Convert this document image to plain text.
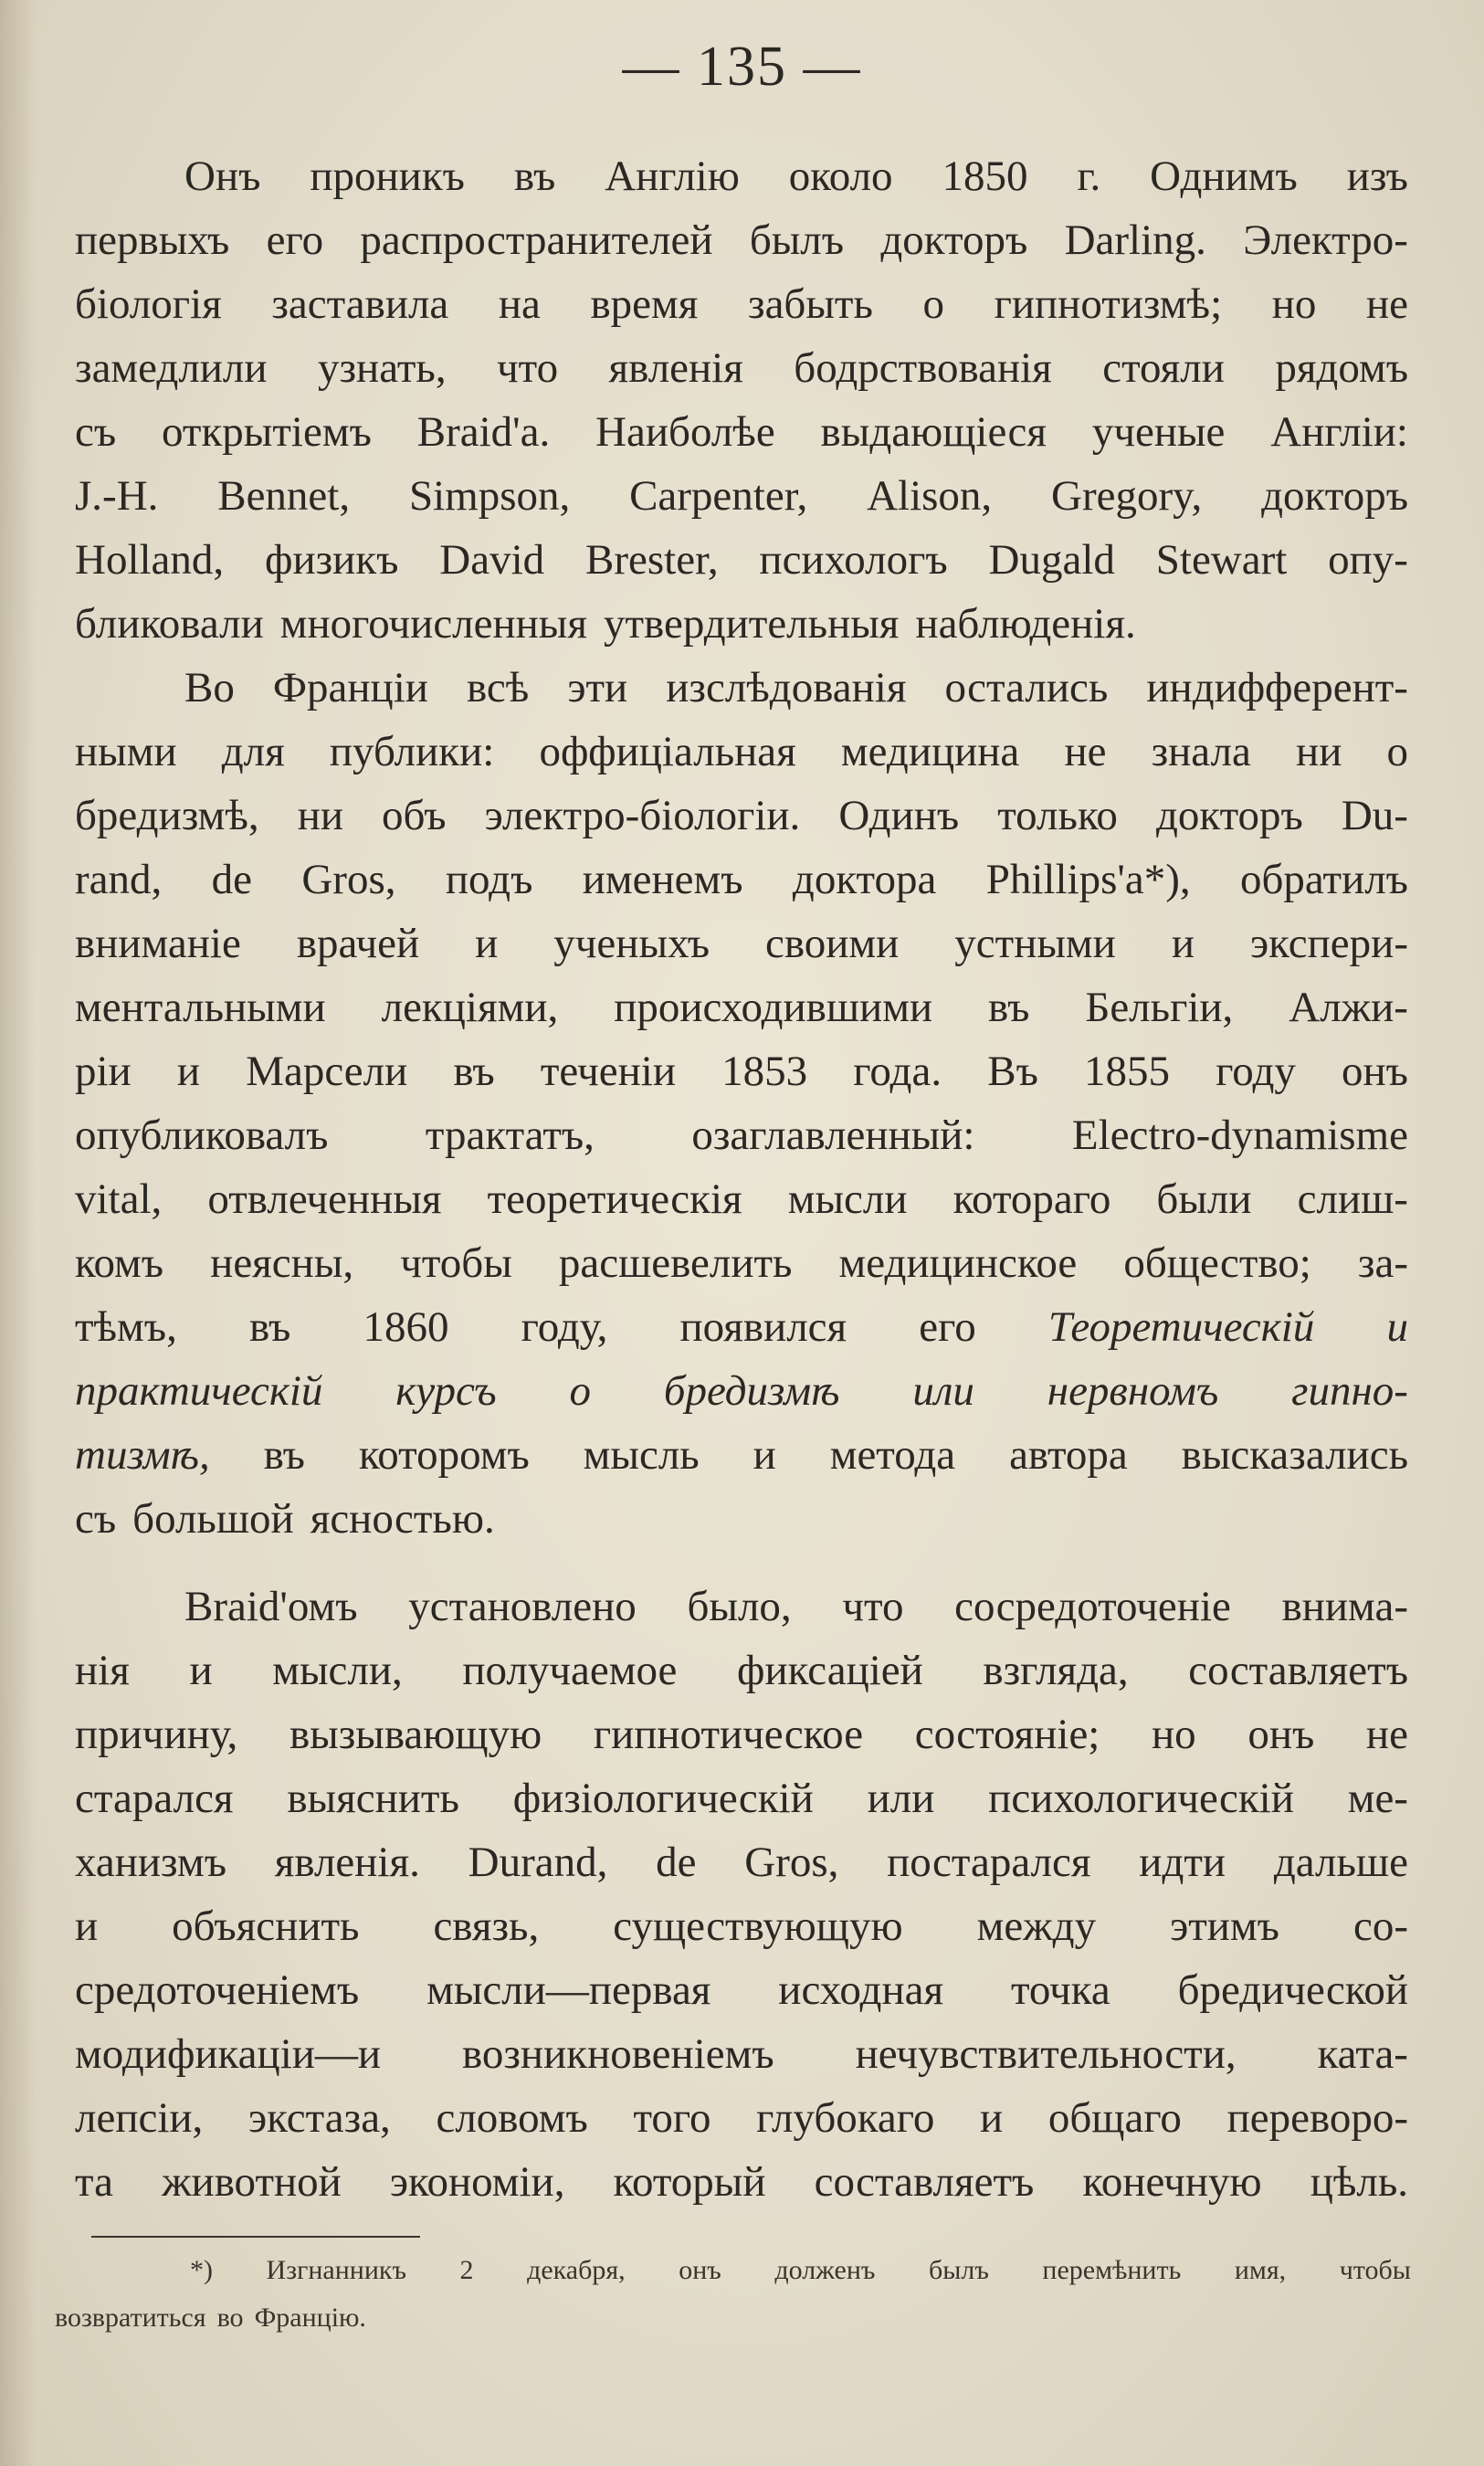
— 135 —
Онъ проникъ въ Англію около 1850 г. Однимъ изъ
первыхъ его распространителей былъ докторъ Darling. Электро-
біологія заставила на время забыть о гипнотизмѣ; но не
замедлили узнать, что явленія бодрствованія стояли рядомъ
съ открытіемъ Braid'a. Наиболѣе выдающіеся ученые Англіи:
J.-H. Bennet, Simpson, Carpenter, Alison, Gregory, докторъ
Holland, физикъ David Brester, психологъ Dugald Stewart опу-
бликовали многочисленныя утвердительныя наблюденія.
Во Франціи всѣ эти изслѣдованія остались индифферент-
ными для публики: оффиціальная медицина не знала ни о
бредизмѣ, ни объ электро-біологіи. Одинъ только докторъ Du-
rand, de Gros, подъ именемъ доктора Phillips'a*), обратилъ
вниманіе врачей и ученыхъ своими устными и экспери-
ментальными лекціями, происходившими въ Бельгіи, Алжи-
ріи и Марсели въ теченіи 1853 года. Въ 1855 году онъ
опубликовалъ трактатъ, озаглавленный: Electro-dynamisme
vital, отвлеченныя теоретическія мысли котораго были слиш-
комъ неясны, чтобы расшевелить медицинское общество; за-
тѣмъ, въ 1860 году, появился его Теоретическій и
практическій курсъ о бредизмѣ или нервномъ гипно-
тизмѣ, въ которомъ мысль и метода автора высказались
съ большой ясностью.
Braid'омъ установлено было, что сосредоточеніе внима-
нія и мысли, получаемое фиксаціей взгляда, составляетъ
причину, вызывающую гипнотическое состояніе; но онъ не
старался выяснить физіологическій или психологическій ме-
ханизмъ явленія. Durand, de Gros, постарался идти дальше
и объяснить связь, существующую между этимъ со-
средоточеніемъ мысли—первая исходная точка бредической
модификаціи—и возникновеніемъ нечувствительности, ката-
лепсіи, экстаза, словомъ того глубокаго и общаго переворо-
та животной экономіи, который составляетъ конечную цѣль.
*) Изгнанникъ 2 декабря, онъ долженъ былъ перемѣнить имя, чтобы
возвратиться во Францію.
